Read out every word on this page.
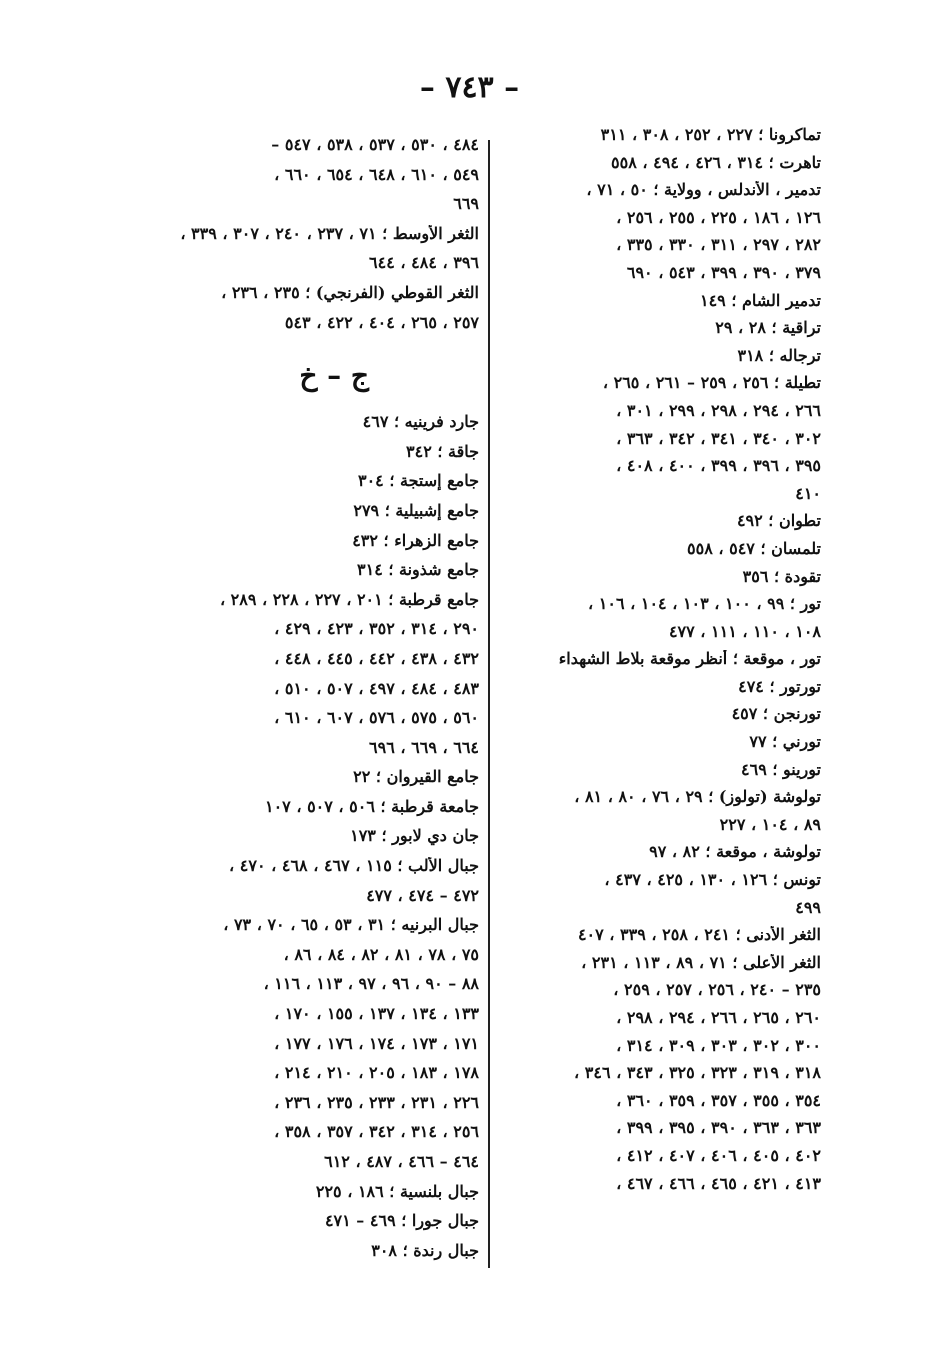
– ٧٤٣ –
تماكرونا ؛ ٢٢٧ ، ٢٥٢ ، ٣٠٨ ، ٣١١
تاهرت ؛ ٣١٤ ، ٤٢٦ ، ٤٩٤ ، ٥٥٨
تدمير ، الأندلس ، وولاية ؛ ٥٠ ، ٧١ ،
١٢٦ ، ١٨٦ ، ٢٢٥ ، ٢٥٥ ، ٢٥٦ ،
٢٨٢ ، ٢٩٧ ، ٣١١ ، ٣٣٠ ، ٣٣٥ ،
٣٧٩ ، ٣٩٠ ، ٣٩٩ ، ٥٤٣ ، ٦٩٠
تدمير الشام ؛ ١٤٩
تراقية ؛ ٢٨ ، ٢٩
ترجاله ؛ ٣١٨
تطيلة ؛ ٢٥٦ ، ٢٥٩ – ٢٦١ ، ٢٦٥ ،
٢٦٦ ، ٢٩٤ ، ٢٩٨ ، ٢٩٩ ، ٣٠١ ،
٣٠٢ ، ٣٤٠ ، ٣٤١ ، ٣٤٢ ، ٣٦٣ ،
٣٩٥ ، ٣٩٦ ، ٣٩٩ ، ٤٠٠ ، ٤٠٨ ،
٤١٠
تطوان ؛ ٤٩٢
تلمسان ؛ ٥٤٧ ، ٥٥٨
تقودة ؛ ٣٥٦
تور ؛ ٩٩ ، ١٠٠ ، ١٠٣ ، ١٠٤ ، ١٠٦ ،
١٠٨ ، ١١٠ ، ١١١ ، ٤٧٧
تور ، موقعة ؛ أنظر موقعة بلاط الشهداء
تورتور ؛ ٤٧٤
تورنجن ؛ ٤٥٧
تورني ؛ ٧٧
تورينو ؛ ٤٦٩
تولوشة (تولوز) ؛ ٢٩ ، ٧٦ ، ٨٠ ، ٨١ ،
٨٩ ، ١٠٤ ، ٢٢٧
تولوشة ، موقعة ؛ ٨٢ ، ٩٧
تونس ؛ ١٢٦ ، ١٣٠ ، ٤٢٥ ، ٤٣٧ ،
٤٩٩
الثغر الأدنى ؛ ٢٤١ ، ٢٥٨ ، ٣٣٩ ، ٤٠٧
الثغر الأعلى ؛ ٧١ ، ٨٩ ، ١١٣ ، ٢٣١ ،
٢٣٥ – ٢٤٠ ، ٢٥٦ ، ٢٥٧ ، ٢٥٩ ،
٢٦٠ ، ٢٦٥ ، ٢٦٦ ، ٢٩٤ ، ٢٩٨ ،
٣٠٠ ، ٣٠٢ ، ٣٠٣ ، ٣٠٩ ، ٣١٤ ،
٣١٨ ، ٣١٩ ، ٣٢٣ ، ٣٢٥ ، ٣٤٣ ، ٣٤٦ ،
٣٥٤ ، ٣٥٥ ، ٣٥٧ ، ٣٥٩ ، ٣٦٠ ،
٣٦٣ ، ٣٦٣ ، ٣٩٠ ، ٣٩٥ ، ٣٩٩ ،
٤٠٢ ، ٤٠٥ ، ٤٠٦ ، ٤٠٧ ، ٤١٢ ،
٤١٣ ، ٤٢١ ، ٤٦٥ ، ٤٦٦ ، ٤٦٧ ،
٤٨٤ ، ٥٣٠ ، ٥٣٧ ، ٥٣٨ ، ٥٤٧ –
٥٤٩ ، ٦١٠ ، ٦٤٨ ، ٦٥٤ ، ٦٦٠ ،
٦٦٩
الثغر الأوسط ؛ ٧١ ، ٢٣٧ ، ٢٤٠ ، ٣٠٧ ، ٣٣٩ ،
٣٩٦ ، ٤٨٤ ، ٦٤٤
الثغر القوطي (الفرنجي) ؛ ٢٣٥ ، ٢٣٦ ،
٢٥٧ ، ٢٦٥ ، ٤٠٤ ، ٤٢٢ ، ٥٤٣
ج – خ
جارد فرينيه ؛ ٤٦٧
جاقة ؛ ٣٤٢
جامع إستجة ؛ ٣٠٤
جامع إشبيلية ؛ ٢٧٩
جامع الزهراء ؛ ٤٣٢
جامع شذونة ؛ ٣١٤
جامع قرطبة ؛ ٢٠١ ، ٢٢٧ ، ٢٢٨ ، ٢٨٩ ،
٢٩٠ ، ٣١٤ ، ٣٥٢ ، ٤٢٣ ، ٤٢٩ ،
٤٣٢ ، ٤٣٨ ، ٤٤٢ ، ٤٤٥ ، ٤٤٨ ،
٤٨٣ ، ٤٨٤ ، ٤٩٧ ، ٥٠٧ ، ٥١٠ ،
٥٦٠ ، ٥٧٥ ، ٥٧٦ ، ٦٠٧ ، ٦١٠ ،
٦٦٤ ، ٦٦٩ ، ٦٩٦
جامع القيروان ؛ ٢٢
جامعة قرطبة ؛ ٥٠٦ ، ٥٠٧ ، ١٠٧
جان دي لابور ؛ ١٧٣
جبال الألب ؛ ١١٥ ، ٤٦٧ ، ٤٦٨ ، ٤٧٠ ،
٤٧٢ – ٤٧٤ ، ٤٧٧
جبال البرنيه ؛ ٣١ ، ٥٣ ، ٦٥ ، ٧٠ ، ٧٣ ،
٧٥ ، ٧٨ ، ٨١ ، ٨٢ ، ٨٤ ، ٨٦ ،
٨٨ – ٩٠ ، ٩٦ ، ٩٧ ، ١١٣ ، ١١٦ ،
١٣٣ ، ١٣٤ ، ١٣٧ ، ١٥٥ ، ١٧٠ ،
١٧١ ، ١٧٣ ، ١٧٤ ، ١٧٦ ، ١٧٧ ،
١٧٨ ، ١٨٣ ، ٢٠٥ ، ٢١٠ ، ٢١٤ ،
٢٢٦ ، ٢٣١ ، ٢٣٣ ، ٢٣٥ ، ٢٣٦ ،
٢٥٦ ، ٣١٤ ، ٣٤٢ ، ٣٥٧ ، ٣٥٨ ،
٤٦٤ – ٤٦٦ ، ٤٨٧ ، ٦١٢
جبال بلنسية ؛ ١٨٦ ، ٢٢٥
جبال جورا ؛ ٤٦٩ – ٤٧١
جبال رندة ؛ ٣٠٨
